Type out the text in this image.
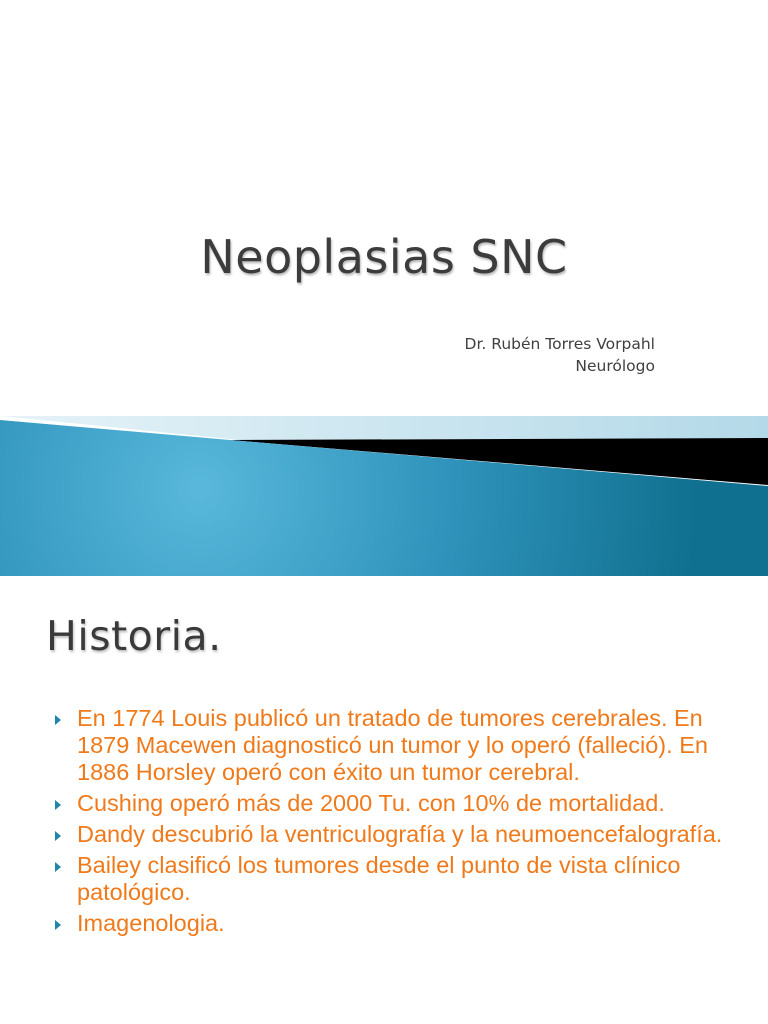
Neoplasias SNC
Dr. Rubén Torres Vorpahl
Neurólogo
Historia.
En 1774 Louis publicó un tratado de tumores cerebrales. En 1879 Macewen diagnosticó un tumor y lo operó (falleció). En 1886 Horsley operó con éxito un tumor cerebral.
Cushing operó más de 2000 Tu. con 10% de mortalidad.
Dandy descubrió la ventriculografía y la neumoencefalografía.
Bailey clasificó los tumores desde el punto de vista clínico patológico.
Imagenologia.
